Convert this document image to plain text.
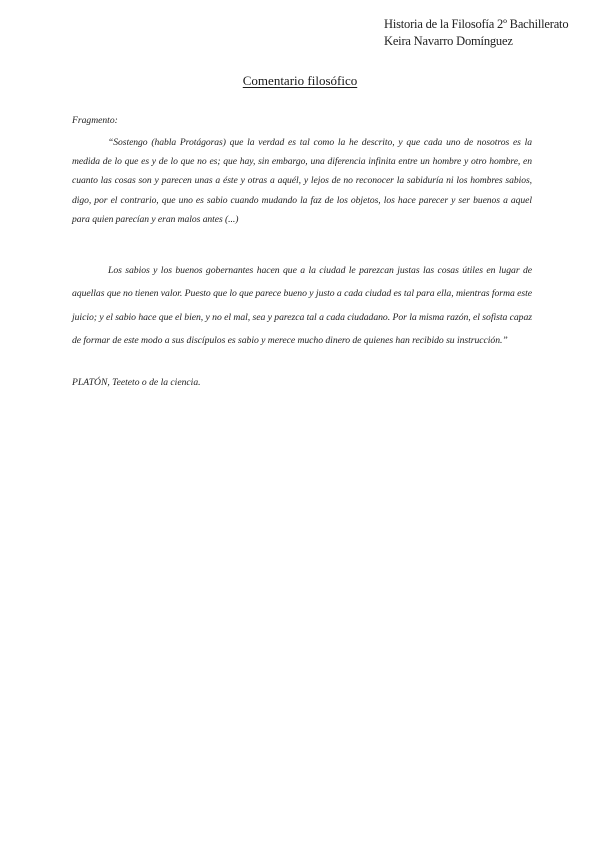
Historia de la Filosofía 2º Bachillerato
Keira Navarro Domínguez
Comentario filosófico
Fragmento:

“Sostengo (habla Protágoras) que la verdad es tal como la he descrito, y que cada uno de nosotros es la medida de lo que es y de lo que no es; que hay, sin embargo, una diferencia infinita entre un hombre y otro hombre, en cuanto las cosas son y parecen unas a éste y otras a aquél, y lejos de no reconocer la sabiduría ni los hombres sabios, digo, por el contrario, que uno es sabio cuando mudando la faz de los objetos, los hace parecer y ser buenos a aquel para quien parecían y eran malos antes (...)

Los sabios y los buenos gobernantes hacen que a la ciudad le parezcan justas las cosas útiles en lugar de aquellas que no tienen valor. Puesto que lo que parece bueno y justo a cada ciudad es tal para ella, mientras forma este juicio; y el sabio hace que el bien, y no el mal, sea y parezca tal a cada ciudadano. Por la misma razón, el sofista capaz de formar de este modo a sus discípulos es sabio y merece mucho dinero de quienes han recibido su instrucción.”

PLATÓN, Teeteto o de la ciencia.
